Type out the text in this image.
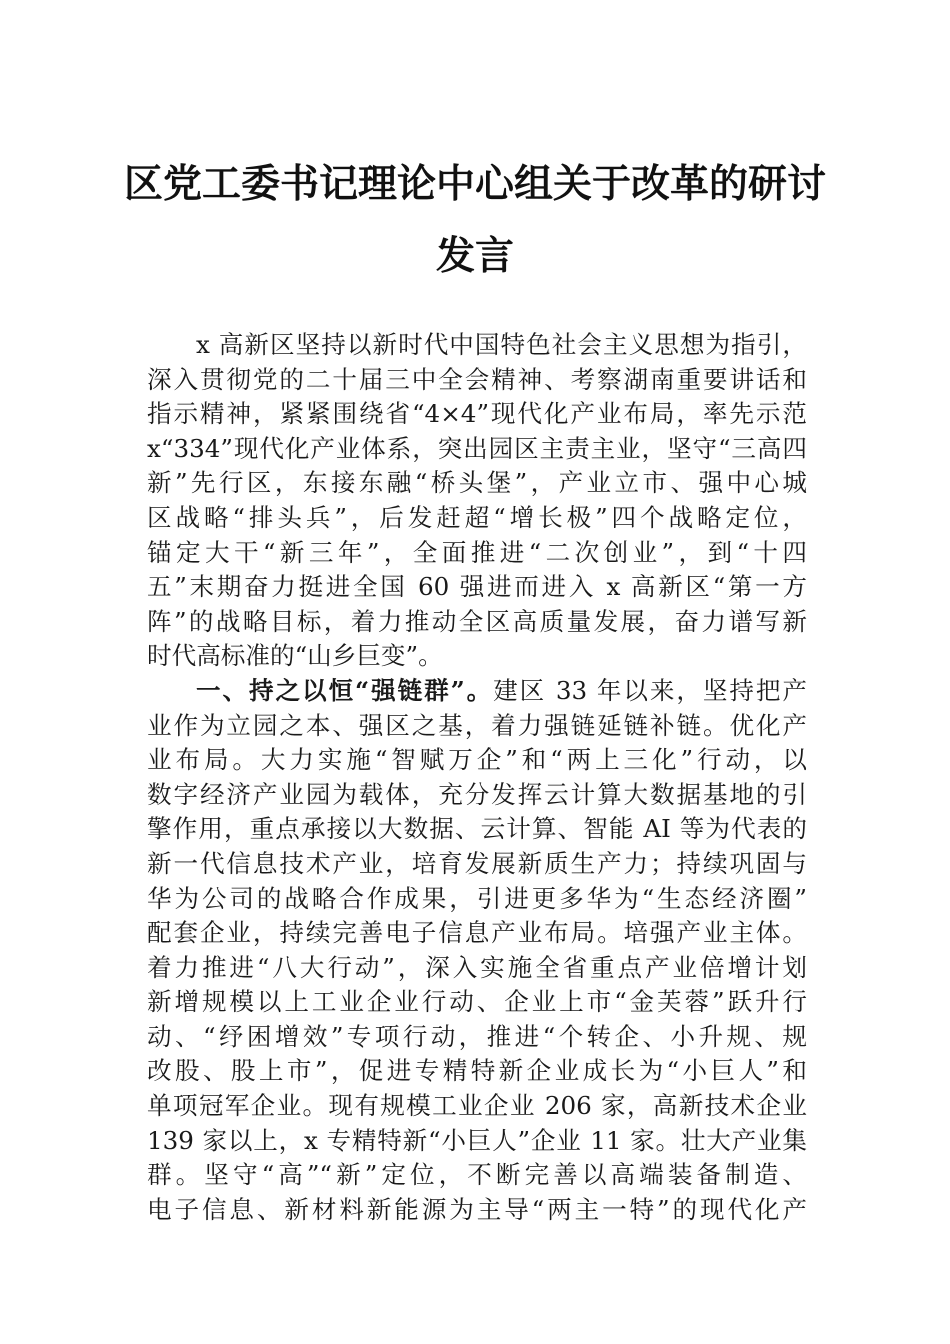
区党工委书记理论中心组关于改革的研讨
发言
x 高新区坚持以新时代中国特色社会主义思想为指引，
深入贯彻党的二十届三中全会精神、考察湖南重要讲话和
指示精神，紧紧围绕省“4×4”现代化产业布局，率先示范
x“334”现代化产业体系，突出园区主责主业，坚守“三高四
新”先行区，东接东融“桥头堡”，产业立市、强中心城
区战略“排头兵”，后发赶超“增长极”四个战略定位，
锚定大干“新三年”，全面推进“二次创业”，到“十四
五”末期奋力挺进全国 60 强进而进入 x 高新区“第一方
阵”的战略目标，着力推动全区高质量发展，奋力谱写新
时代高标准的“山乡巨变”。
一、持之以恒“强链群”。建区 33 年以来，坚持把产
业作为立园之本、强区之基，着力强链延链补链。优化产
业布局。大力实施“智赋万企”和“两上三化”行动，以
数字经济产业园为载体，充分发挥云计算大数据基地的引
擎作用，重点承接以大数据、云计算、智能 AI 等为代表的
新一代信息技术产业，培育发展新质生产力；持续巩固与
华为公司的战略合作成果，引进更多华为“生态经济圈”
配套企业，持续完善电子信息产业布局。培强产业主体。
着力推进“八大行动”，深入实施全省重点产业倍增计划
新增规模以上工业企业行动、企业上市“金芙蓉”跃升行
动、“纾困增效”专项行动，推进“个转企、小升规、规
改股、股上市”，促进专精特新企业成长为“小巨人”和
单项冠军企业。现有规模工业企业 206 家，高新技术企业
139 家以上，x 专精特新“小巨人”企业 11 家。壮大产业集
群。坚守“高”“新”定位，不断完善以高端装备制造、
电子信息、新材料新能源为主导“两主一特”的现代化产
